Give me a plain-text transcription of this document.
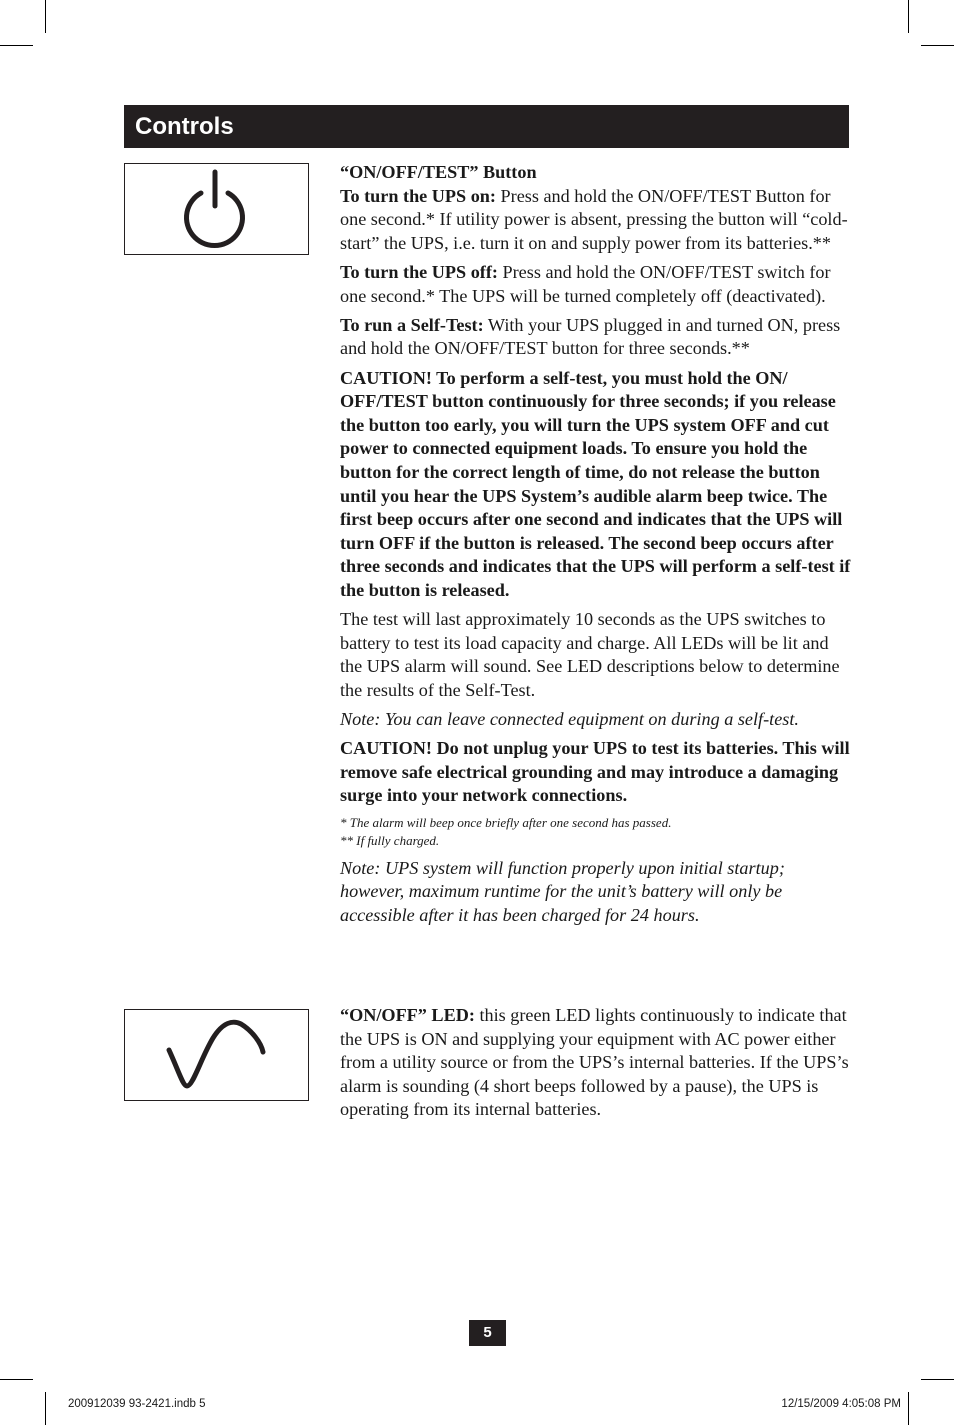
Controls

“ON/OFF/TEST” Button

To turn the UPS on: Press and hold the ON/OFF/TEST Button for one second.* If utility power is absent, pressing the button will “cold-start” the UPS, i.e. turn it on and supply power from its batteries.**

To turn the UPS off: Press and hold the ON/OFF/TEST switch for one second.* The UPS will be turned completely off (deactivated).

To run a Self-Test: With your UPS plugged in and turned ON, press and hold the ON/OFF/TEST button for three seconds.**

CAUTION! To perform a self-test, you must hold the ON/ OFF/TEST button continuously for three seconds; if you release the button too early, you will turn the UPS system OFF and cut power to connected equipment loads. To ensure you hold the button for the correct length of time, do not release the button until you hear the UPS System’s audible alarm beep twice. The first beep occurs after one second and indicates that the UPS will turn OFF if the button is released. The second beep occurs after three seconds and indicates that the UPS will perform a self-test if the button is released.

The test will last approximately 10 seconds as the UPS switches to battery to test its load capacity and charge. All LEDs will be lit and the UPS alarm will sound. See LED descriptions below to determine the results of the Self-Test.

Note: You can leave connected equipment on during a self-test.

CAUTION! Do not unplug your UPS to test its batteries. This will remove safe electrical grounding and may introduce a damaging surge into your network connections.

* The alarm will beep once briefly after one second has passed.
** If fully charged.

Note: UPS system will function properly upon initial startup; however, maximum runtime for the unit’s battery will only be accessible after it has been charged for 24 hours.

“ON/OFF” LED: this green LED lights continuously to indicate that the UPS is ON and supplying your equipment with AC power either from a utility source or from the UPS’s internal batteries. If the UPS’s alarm is sounding (4 short beeps followed by a pause), the UPS is operating from its internal batteries.

5
200912039 93-2421.indb 5	12/15/2009 4:05:08 PM
